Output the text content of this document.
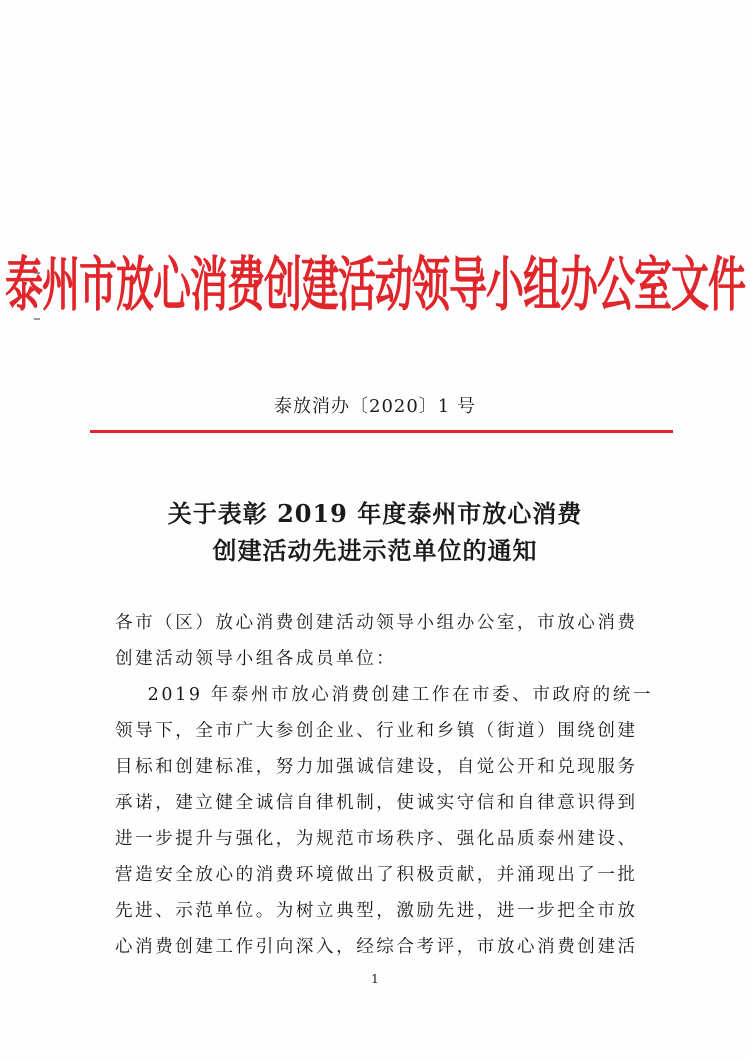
泰州市放心消费创建活动领导小组办公室文件
泰放消办〔2020〕1 号
关于表彰 2019 年度泰州市放心消费
创建活动先进示范单位的通知
各市（区）放心消费创建活动领导小组办公室，市放心消费
创建活动领导小组各成员单位：
2019 年泰州市放心消费创建工作在市委、市政府的统一
领导下，全市广大参创企业、行业和乡镇（街道）围绕创建
目标和创建标准，努力加强诚信建设，自觉公开和兑现服务
承诺，建立健全诚信自律机制，使诚实守信和自律意识得到
进一步提升与强化，为规范市场秩序、强化品质泰州建设、
营造安全放心的消费环境做出了积极贡献，并涌现出了一批
先进、示范单位。为树立典型，激励先进，进一步把全市放
心消费创建工作引向深入，经综合考评，市放心消费创建活
1
